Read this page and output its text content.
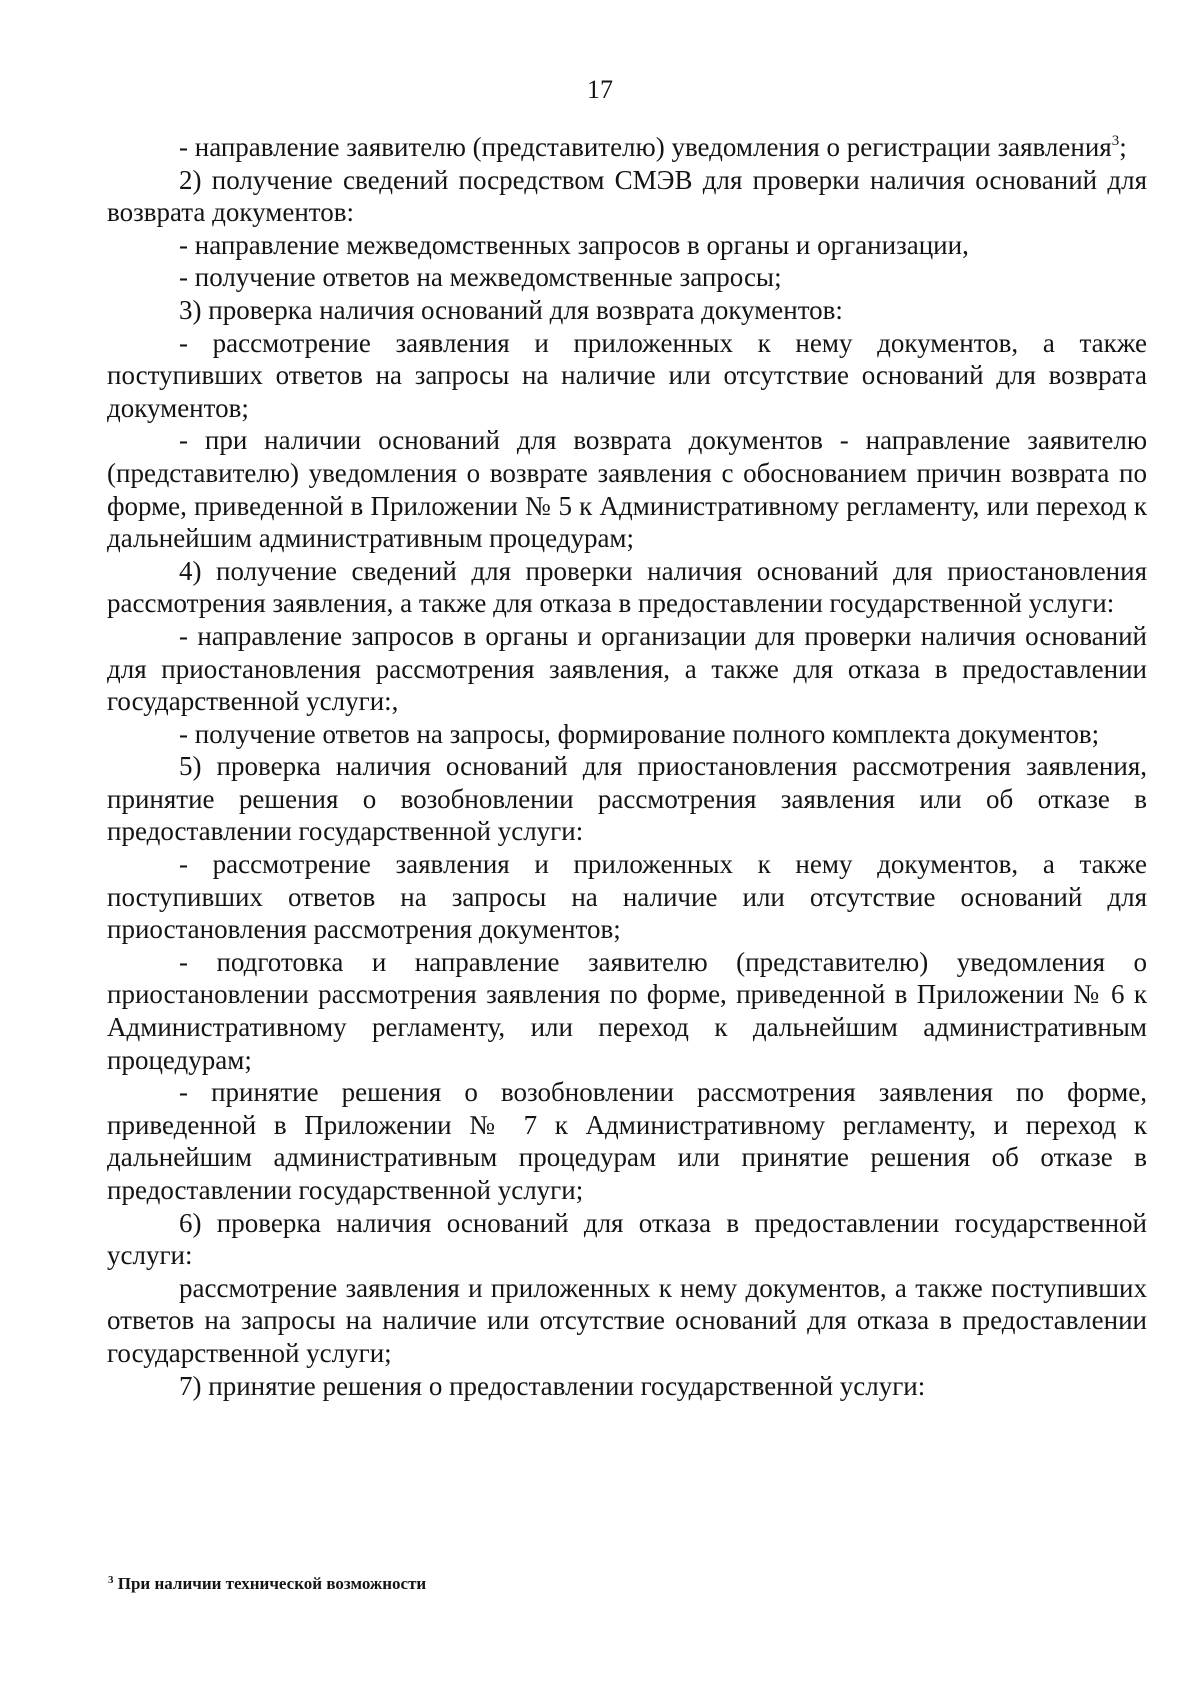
17

- направление заявителю (представителю) уведомления о регистрации заявления$^3$;

2) получение сведений посредством СМЭВ для проверки наличия оснований для возврата документов:

- направление межведомственных запросов в органы и организации,

- получение ответов на межведомственные запросы;

3) проверка наличия оснований для возврата документов:

- рассмотрение заявления и приложенных к нему документов, а также поступивших ответов на запросы на наличие или отсутствие оснований для возврата документов;

- при наличии оснований для возврата документов - направление заявителю (представителю) уведомления о возврате заявления с обоснованием причин возврата по форме, приведенной в Приложении № 5 к Административному регламенту, или переход к дальнейшим административным процедурам;

4) получение сведений для проверки наличия оснований для приостановления рассмотрения заявления, а также для отказа в предоставлении государственной услуги:

- направление запросов в органы и организации для проверки наличия оснований для приостановления рассмотрения заявления, а также для отказа в предоставлении государственной услуги:,

- получение ответов на запросы, формирование полного комплекта документов;

5) проверка наличия оснований для приостановления рассмотрения заявления, принятие решения о возобновлении рассмотрения заявления или об отказе в предоставлении государственной услуги:

- рассмотрение заявления и приложенных к нему документов, а также поступивших ответов на запросы на наличие или отсутствие оснований для приостановления рассмотрения документов;

- подготовка и направление заявителю (представителю) уведомления о приостановлении рассмотрения заявления по форме, приведенной в Приложении № 6 к Административному регламенту, или переход к дальнейшим административным процедурам;

- принятие решения о возобновлении рассмотрения заявления по форме, приведенной в Приложении № 7 к Административному регламенту, и переход к дальнейшим административным процедурам или принятие решения об отказе в предоставлении государственной услуги;

6) проверка наличия оснований для отказа в предоставлении государственной услуги:

рассмотрение заявления и приложенных к нему документов, а также поступивших ответов на запросы на наличие или отсутствие оснований для отказа в предоставлении государственной услуги;

7) принятие решения о предоставлении государственной услуги:

$^3$ При наличии технической возможности
